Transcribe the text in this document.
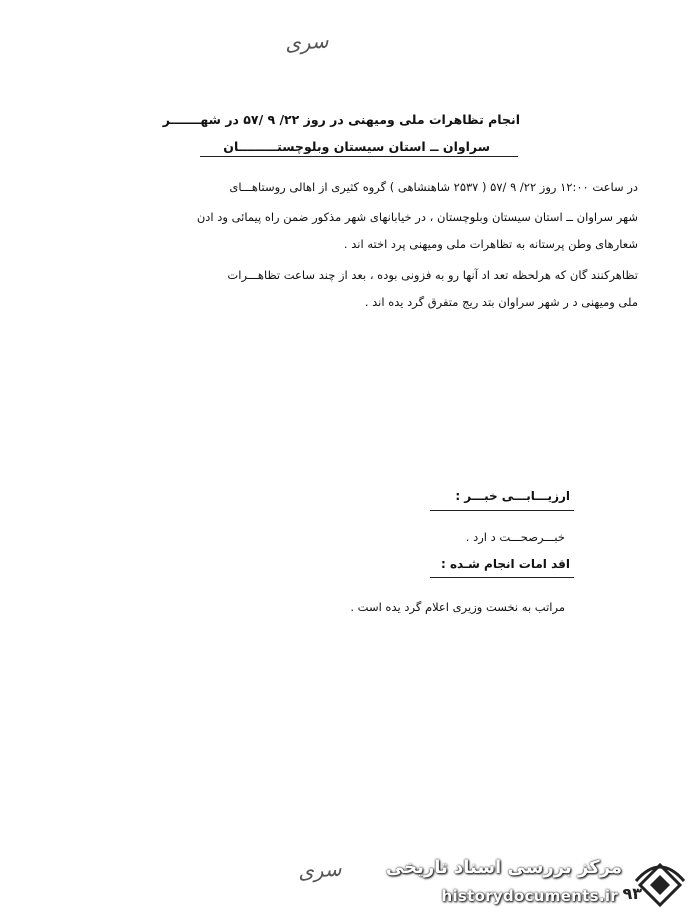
سری
انجام تظاهرات ملی ومیهنی در روز ۲۲/ ۹ /۵۷ در شهـــــــر
سراوان ــ استان سیستان وبلوچستـــــــــان
در ساعت ۱۲:۰۰ روز ۲۲/ ۹ /۵۷ ( ۲۵۳۷ شاهنشاهی ) گروه کثیری از اهالی روستاهـــای
شهر سراوان ــ استان سیستان وبلوچستان ، در خیابانهای شهر مذکور ضمن راه پیمائی ود ادن
شعارهای وطن پرستانه به تظاهرات ملی ومیهنی پرد اخته اند .
تظاهرکنند گان که هرلحظه تعد اد آنها رو به فزونی بوده ، بعد از چند ساعت تظاهـــرات
ملی ومیهنی د ر شهر سراوان بتد ریج متفرق گرد یده اند .
ارزیـــابـــی خبـــر :
خبـــرصحـــت د ارد .
اقد امات انجام شـده :
مراتب به نخست وزیری اعلام گرد یده است .
سری
۹۳
مرکز بررسی اسناد تاریخی
historydocuments.ir
